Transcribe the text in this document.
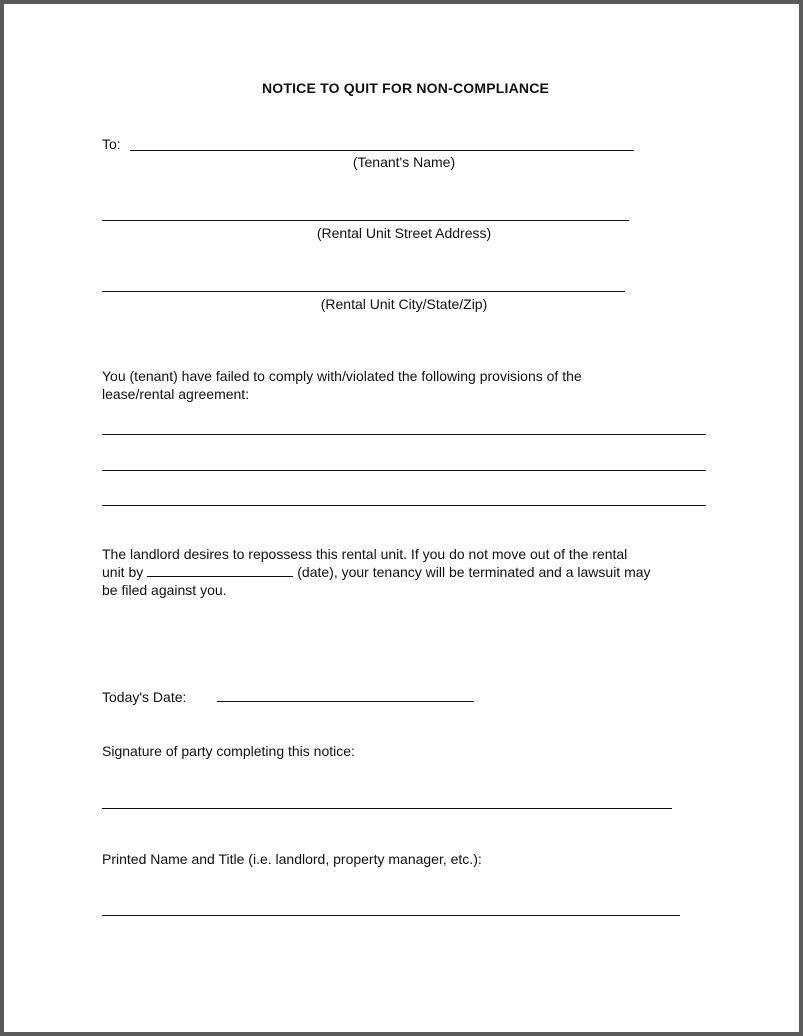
NOTICE TO QUIT FOR NON-COMPLIANCE
To:
(Tenant's Name)
(Rental Unit Street Address)
(Rental Unit City/State/Zip)
You (tenant) have failed to comply with/violated the following provisions of the
lease/rental agreement:
The landlord desires to repossess this rental unit. If you do not move out of the rental
unit by	(date), your tenancy will be terminated and a lawsuit may
be filed against you.
Today's Date:
Signature of party completing this notice:
Printed Name and Title (i.e. landlord, property manager, etc.):
